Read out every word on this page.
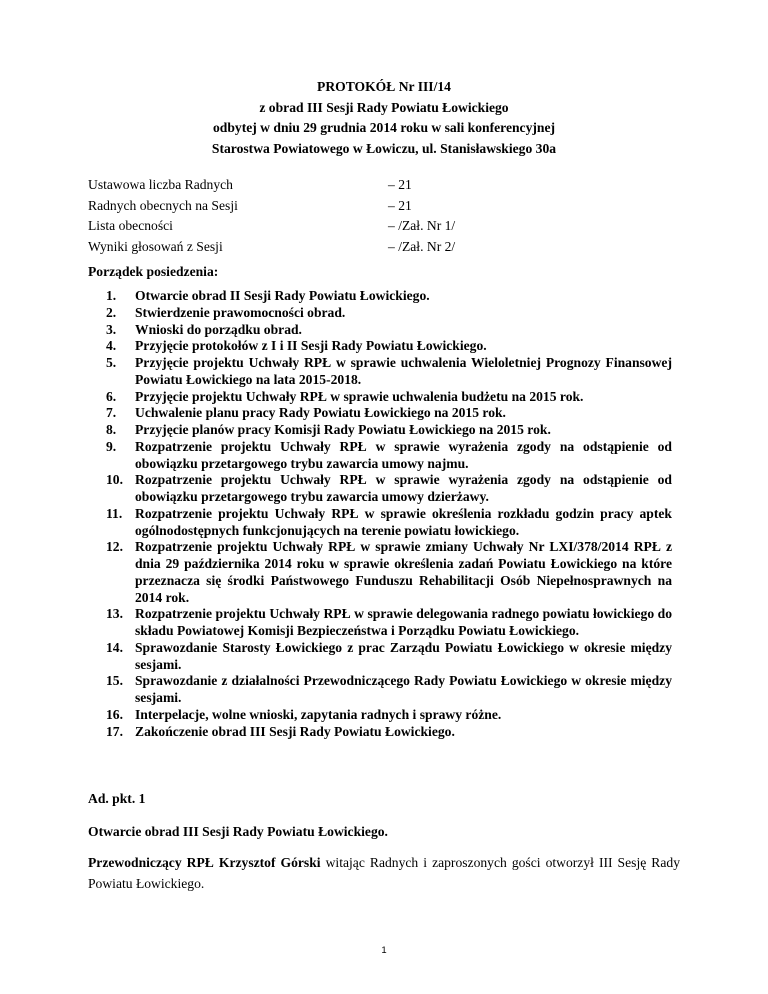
PROTOKÓŁ Nr III/14
z obrad III Sesji Rady Powiatu Łowickiego
odbytej w dniu 29 grudnia 2014 roku w sali konferencyjnej
Starostwa Powiatowego w Łowiczu, ul. Stanisławskiego 30a
Ustawowa liczba Radnych	– 21
Radnych obecnych na Sesji	– 21
Lista obecności	– /Zał. Nr 1/
Wyniki głosowań z Sesji	– /Zał. Nr 2/
Porządek posiedzenia:
1.	Otwarcie obrad II Sesji Rady Powiatu Łowickiego.
2.	Stwierdzenie prawomocności obrad.
3.	Wnioski do porządku obrad.
4.	Przyjęcie protokołów z I i II Sesji Rady Powiatu Łowickiego.
5.	Przyjęcie projektu Uchwały RPŁ w sprawie uchwalenia Wieloletniej Prognozy Finansowej Powiatu Łowickiego na lata 2015-2018.
6.	Przyjęcie projektu Uchwały RPŁ w sprawie uchwalenia budżetu na 2015 rok.
7.	Uchwalenie planu pracy Rady Powiatu Łowickiego na 2015 rok.
8.	Przyjęcie planów pracy Komisji Rady Powiatu Łowickiego na 2015 rok.
9.	Rozpatrzenie projektu Uchwały RPŁ w sprawie wyrażenia zgody na odstąpienie od obowiązku przetargowego trybu zawarcia umowy najmu.
10. Rozpatrzenie projektu Uchwały RPŁ w sprawie wyrażenia zgody na odstąpienie od obowiązku przetargowego trybu zawarcia umowy dzierżawy.
11. Rozpatrzenie projektu Uchwały RPŁ w sprawie określenia rozkładu godzin pracy aptek ogólnodostępnych funkcjonujących na terenie powiatu łowickiego.
12. Rozpatrzenie projektu Uchwały RPŁ w sprawie zmiany Uchwały Nr LXI/378/2014 RPŁ z dnia 29 października 2014 roku w sprawie określenia zadań Powiatu Łowickiego na które przeznacza się środki Państwowego Funduszu Rehabilitacji Osób Niepełnosprawnych na 2014 rok.
13. Rozpatrzenie projektu Uchwały RPŁ w sprawie delegowania radnego powiatu łowickiego do składu Powiatowej Komisji Bezpieczeństwa i Porządku Powiatu Łowickiego.
14. Sprawozdanie Starosty Łowickiego z prac Zarządu Powiatu Łowickiego w okresie między sesjami.
15. Sprawozdanie z działalności Przewodniczącego Rady Powiatu Łowickiego w okresie między sesjami.
16. Interpelacje, wolne wnioski, zapytania radnych i sprawy różne.
17. Zakończenie obrad III Sesji Rady Powiatu Łowickiego.
Ad. pkt. 1
Otwarcie obrad III Sesji Rady Powiatu Łowickiego.
Przewodniczący RPŁ Krzysztof Górski witając Radnych i zaproszonych gości otworzył III Sesję Rady Powiatu Łowickiego.
1
